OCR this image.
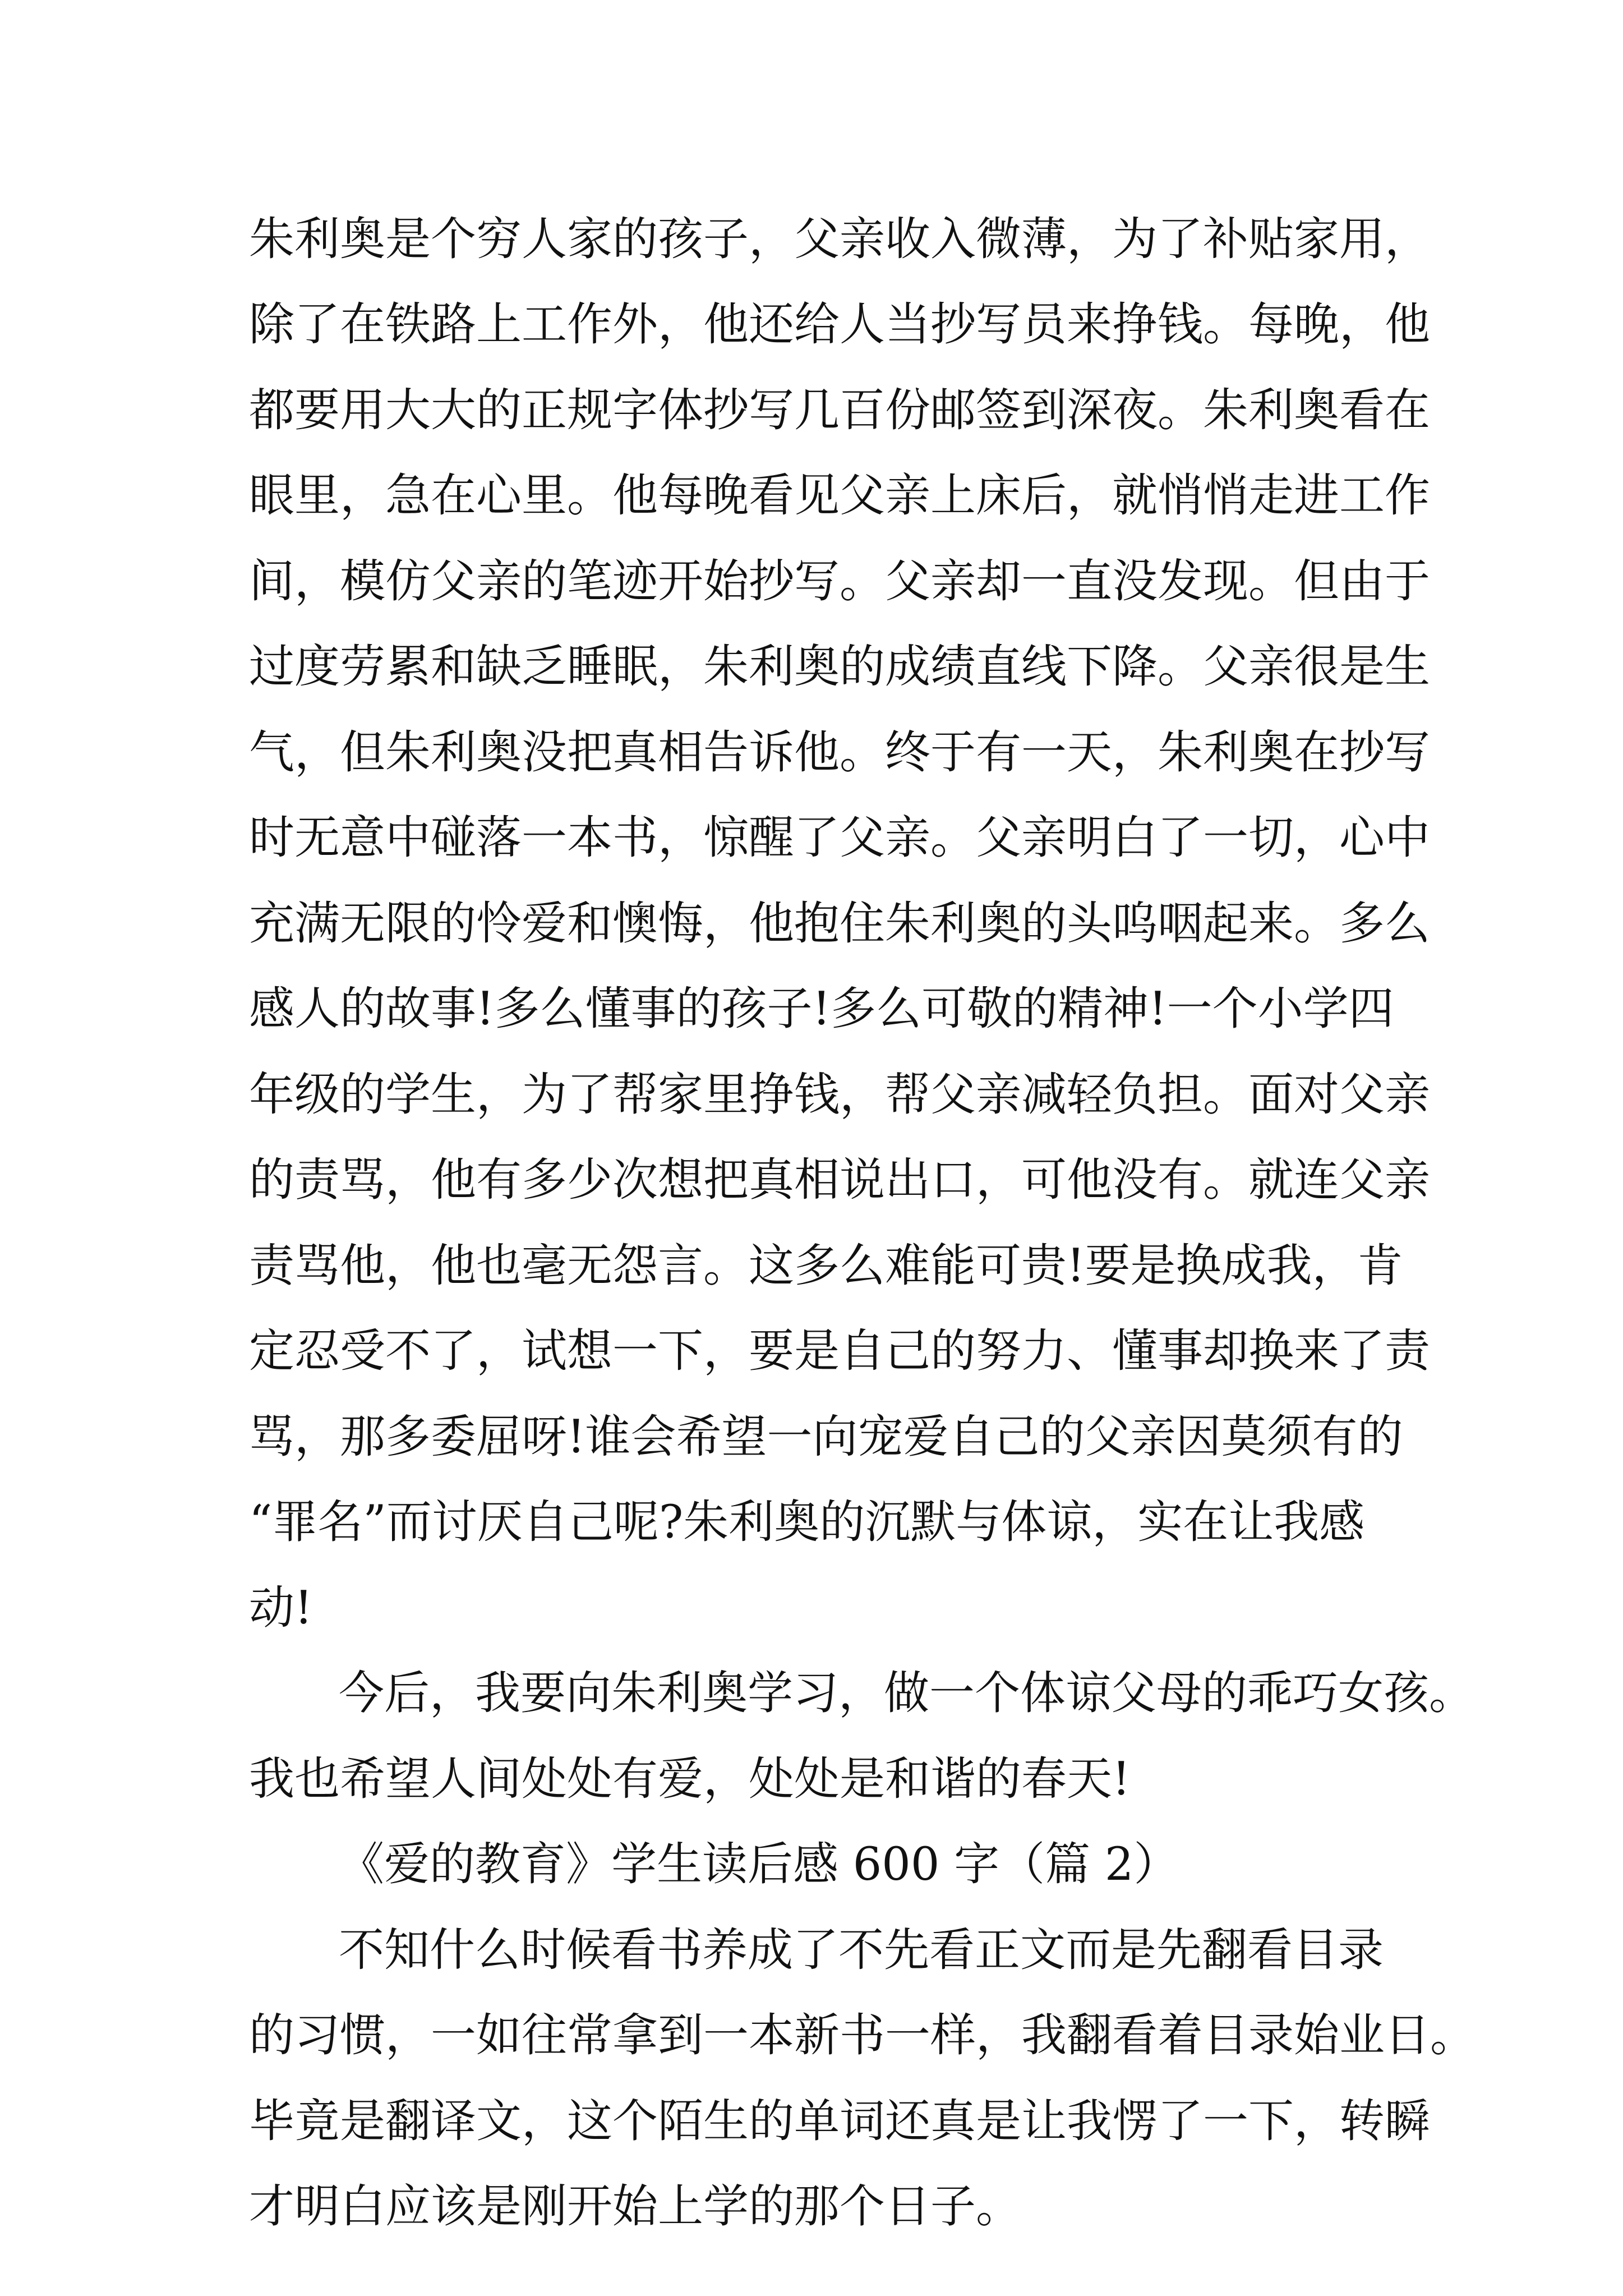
朱利奥是个穷人家的孩子，父亲收入微薄，为了补贴家用，
除了在铁路上工作外，他还给人当抄写员来挣钱。每晚，他
都要用大大的正规字体抄写几百份邮签到深夜。朱利奥看在
眼里，急在心里。他每晚看见父亲上床后，就悄悄走进工作
间，模仿父亲的笔迹开始抄写。父亲却一直没发现。但由于
过度劳累和缺乏睡眠，朱利奥的成绩直线下降。父亲很是生
气，但朱利奥没把真相告诉他。终于有一天，朱利奥在抄写
时无意中碰落一本书，惊醒了父亲。父亲明白了一切，心中
充满无限的怜爱和懊悔，他抱住朱利奥的头呜咽起来。多么
感人的故事!多么懂事的孩子!多么可敬的精神!一个小学四
年级的学生，为了帮家里挣钱，帮父亲减轻负担。面对父亲
的责骂，他有多少次想把真相说出口，可他没有。就连父亲
责骂他，他也毫无怨言。这多么难能可贵!要是换成我，肯
定忍受不了，试想一下，要是自己的努力、懂事却换来了责
骂，那多委屈呀!谁会希望一向宠爱自己的父亲因莫须有的
“罪名”而讨厌自己呢?朱利奥的沉默与体谅，实在让我感
动!
今后，我要向朱利奥学习，做一个体谅父母的乖巧女孩。
我也希望人间处处有爱，处处是和谐的春天!
《爱的教育》学生读后感 600 字（篇 2）
不知什么时候看书养成了不先看正文而是先翻看目录
的习惯，一如往常拿到一本新书一样，我翻看着目录始业日。
毕竟是翻译文，这个陌生的单词还真是让我愣了一下，转瞬
才明白应该是刚开始上学的那个日子。
